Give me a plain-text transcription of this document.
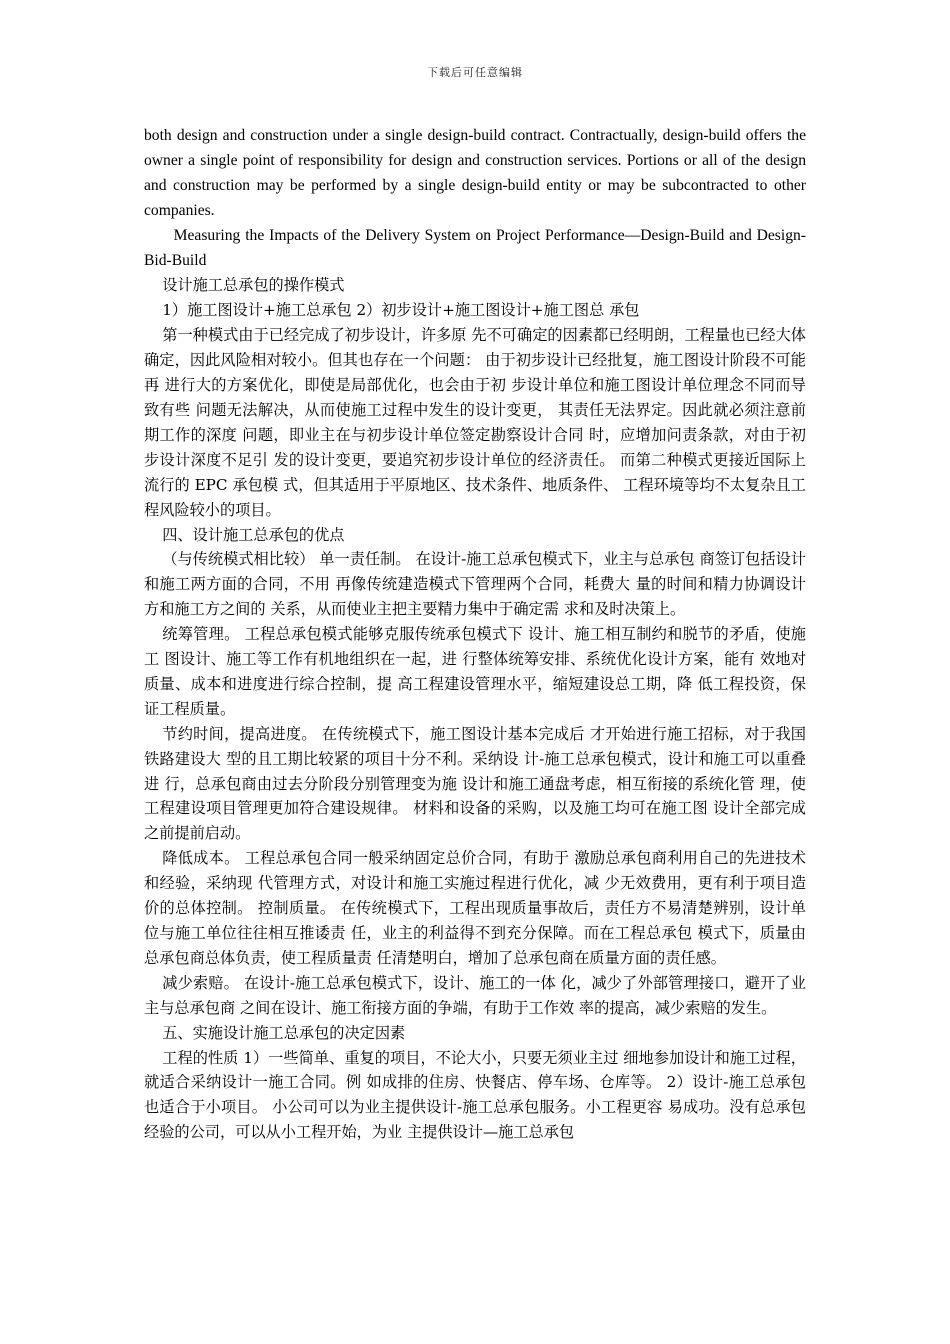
下载后可任意编辑

both design and construction under a single design-build contract. Contractually, design-build offers the owner a single point of responsibility for design and construction services. Portions or all of the design and construction may be performed by a single design-build entity or may be subcontracted to other companies.

Measuring the Impacts of the Delivery System on Project Performance—Design-Build and Design- Bid-Build

设计施工总承包的操作模式

1）施工图设计+施工总承包 2）初步设计+施工图设计+施工图总 承包

第一种模式由于已经完成了初步设计，许多原 先不可确定的因素都已经明朗，工程量也已经大体 确定，因此风险相对较小。但其也存在一个问题： 由于初步设计已经批复，施工图设计阶段不可能再 进行大的方案优化，即使是局部优化，也会由于初 步设计单位和施工图设计单位理念不同而导致有些 问题无法解决，从而使施工过程中发生的设计变更， 其责任无法界定。因此就必须注意前期工作的深度 问题，即业主在与初步设计单位签定勘察设计合同 时，应增加问责条款，对由于初步设计深度不足引 发的设计变更，要追究初步设计单位的经济责任。 而第二种模式更接近国际上流行的 EPC 承包模 式，但其适用于平原地区、技术条件、地质条件、 工程环境等均不太复杂且工程风险较小的项目。

四、设计施工总承包的优点

（与传统模式相比较） 单一责任制。 在设计-施工总承包模式下，业主与总承包 商签订包括设计和施工两方面的合同，不用 再像传统建造模式下管理两个合同，耗费大 量的时间和精力协调设计方和施工方之间的 关系，从而使业主把主要精力集中于确定需 求和及时决策上。

统筹管理。 工程总承包模式能够克服传统承包模式下 设计、施工相互制约和脱节的矛盾，使施工 图设计、施工等工作有机地组织在一起，进 行整体统筹安排、系统优化设计方案，能有 效地对质量、成本和进度进行综合控制，提 高工程建设管理水平，缩短建设总工期，降 低工程投资，保证工程质量。

节约时间，提高进度。 在传统模式下，施工图设计基本完成后 才开始进行施工招标，对于我国铁路建设大 型的且工期比较紧的项目十分不利。采纳设 计-施工总承包模式，设计和施工可以重叠进 行，总承包商由过去分阶段分别管理变为施 设计和施工通盘考虑，相互衔接的系统化管 理，使工程建设项目管理更加符合建设规律。 材料和设备的采购，以及施工均可在施工图 设计全部完成之前提前启动。

降低成本。 工程总承包合同一般采纳固定总价合同，有助于 激励总承包商利用自己的先进技术和经验，采纳现 代管理方式，对设计和施工实施过程进行优化，减 少无效费用，更有利于项目造价的总体控制。 控制质量。 在传统模式下，工程出现质量事故后，责任方不易清楚辨别，设计单位与施工单位往往相互推诿责 任，业主的利益得不到充分保障。而在工程总承包 模式下，质量由总承包商总体负责，使工程质量责 任清楚明白，增加了总承包商在质量方面的责任感。

减少索赔。 在设计-施工总承包模式下，设计、施工的一体 化，减少了外部管理接口，避开了业主与总承包商 之间在设计、施工衔接方面的争端，有助于工作效 率的提高，减少索赔的发生。

五、实施设计施工总承包的决定因素

工程的性质 1）一些简单、重复的项目，不论大小，只要无须业主过 细地参加设计和施工过程，就适合采纳设计一施工合同。例 如成排的住房、快餐店、停车场、仓库等。 2）设计-施工总承包也适合于小项目。 小公司可以为业主提供设计-施工总承包服务。小工程更容 易成功。没有总承包经验的公司，可以从小工程开始，为业 主提供设计—施工总承包
